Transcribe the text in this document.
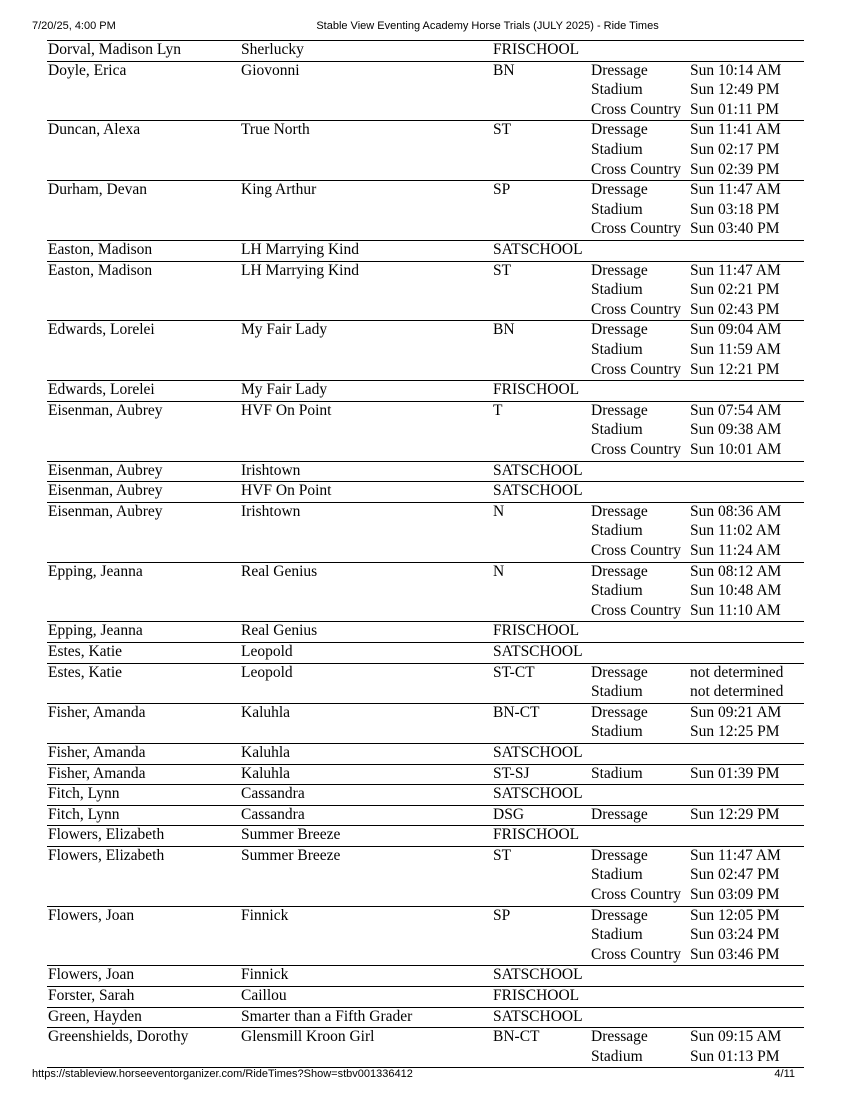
7/20/25, 4:00 PM	Stable View Eventing Academy Horse Trials (JULY 2025) - Ride Times
Dorval, Madison Lyn	Sherlucky	FRISCHOOL
Doyle, Erica	Giovonni	BN	Dressage	Sun 10:14 AM
Stadium	Sun 12:49 PM
Cross Country Sun 01:11 PM
Duncan, Alexa	True North	ST	Dressage	Sun 11:41 AM
Stadium	Sun 02:17 PM
Cross Country Sun 02:39 PM
Durham, Devan	King Arthur	SP	Dressage	Sun 11:47 AM
Stadium	Sun 03:18 PM
Cross Country Sun 03:40 PM
Easton, Madison	LH Marrying Kind	SATSCHOOL
Easton, Madison	LH Marrying Kind	ST	Dressage	Sun 11:47 AM
Stadium	Sun 02:21 PM
Cross Country Sun 02:43 PM
Edwards, Lorelei	My Fair Lady	BN	Dressage	Sun 09:04 AM
Stadium	Sun 11:59 AM
Cross Country Sun 12:21 PM
Edwards, Lorelei	My Fair Lady	FRISCHOOL
Eisenman, Aubrey	HVF On Point	T	Dressage	Sun 07:54 AM
Stadium	Sun 09:38 AM
Cross Country Sun 10:01 AM
Eisenman, Aubrey	Irishtown	SATSCHOOL
Eisenman, Aubrey	HVF On Point	SATSCHOOL
Eisenman, Aubrey	Irishtown	N	Dressage	Sun 08:36 AM
Stadium	Sun 11:02 AM
Cross Country Sun 11:24 AM
Epping, Jeanna	Real Genius	N	Dressage	Sun 08:12 AM
Stadium	Sun 10:48 AM
Cross Country Sun 11:10 AM
Epping, Jeanna	Real Genius	FRISCHOOL
Estes, Katie	Leopold	SATSCHOOL
Estes, Katie	Leopold	ST-CT	Dressage	not determined
Stadium	not determined
Fisher, Amanda	Kaluhla	BN-CT	Dressage	Sun 09:21 AM
Stadium	Sun 12:25 PM
Fisher, Amanda	Kaluhla	SATSCHOOL
Fisher, Amanda	Kaluhla	ST-SJ	Stadium	Sun 01:39 PM
Fitch, Lynn	Cassandra	SATSCHOOL
Fitch, Lynn	Cassandra	DSG	Dressage	Sun 12:29 PM
Flowers, Elizabeth	Summer Breeze	FRISCHOOL
Flowers, Elizabeth	Summer Breeze	ST	Dressage	Sun 11:47 AM
Stadium	Sun 02:47 PM
Cross Country Sun 03:09 PM
Flowers, Joan	Finnick	SP	Dressage	Sun 12:05 PM
Stadium	Sun 03:24 PM
Cross Country Sun 03:46 PM
Flowers, Joan	Finnick	SATSCHOOL
Forster, Sarah	Caillou	FRISCHOOL
Green, Hayden	Smarter than a Fifth Grader	SATSCHOOL
Greenshields, Dorothy	Glensmill Kroon Girl	BN-CT	Dressage	Sun 09:15 AM
Stadium	Sun 01:13 PM
https://stableview.horseeventorganizer.com/RideTimes?Show=stbv001336412	4/11
